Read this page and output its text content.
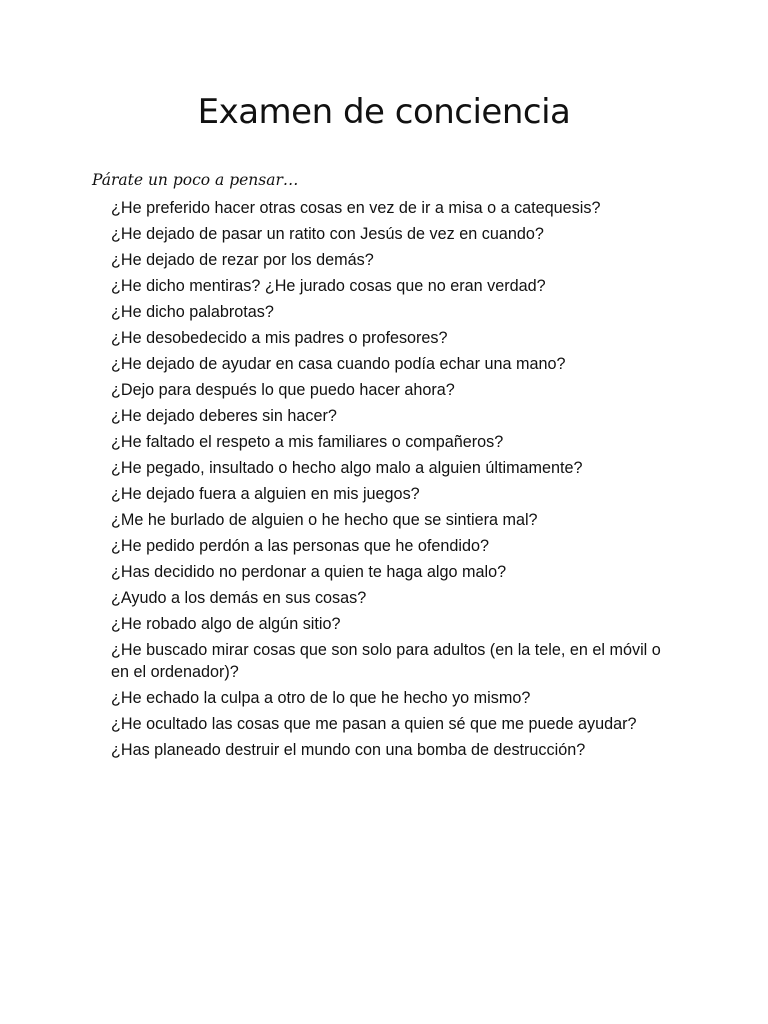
Examen de conciencia

Párate un poco a pensar…

¿He preferido hacer otras cosas en vez de ir a misa o a catequesis?
¿He dejado de pasar un ratito con Jesús de vez en cuando?
¿He dejado de rezar por los demás?
¿He dicho mentiras? ¿He jurado cosas que no eran verdad?
¿He dicho palabrotas?
¿He desobedecido a mis padres o profesores?
¿He dejado de ayudar en casa cuando podía echar una mano?
¿Dejo para después lo que puedo hacer ahora?
¿He dejado deberes sin hacer?
¿He faltado el respeto a mis familiares o compañeros?
¿He pegado, insultado o hecho algo malo a alguien últimamente?
¿He dejado fuera a alguien en mis juegos?
¿Me he burlado de alguien o he hecho que se sintiera mal?
¿He pedido perdón a las personas que he ofendido?
¿Has decidido no perdonar a quien te haga algo malo?
¿Ayudo a los demás en sus cosas?
¿He robado algo de algún sitio?
¿He buscado mirar cosas que son solo para adultos (en la tele, en el móvil o en el ordenador)?
¿He echado la culpa a otro de lo que he hecho yo mismo?
¿He ocultado las cosas que me pasan a quien sé que me puede ayudar?
¿Has planeado destruir el mundo con una bomba de destrucción?
